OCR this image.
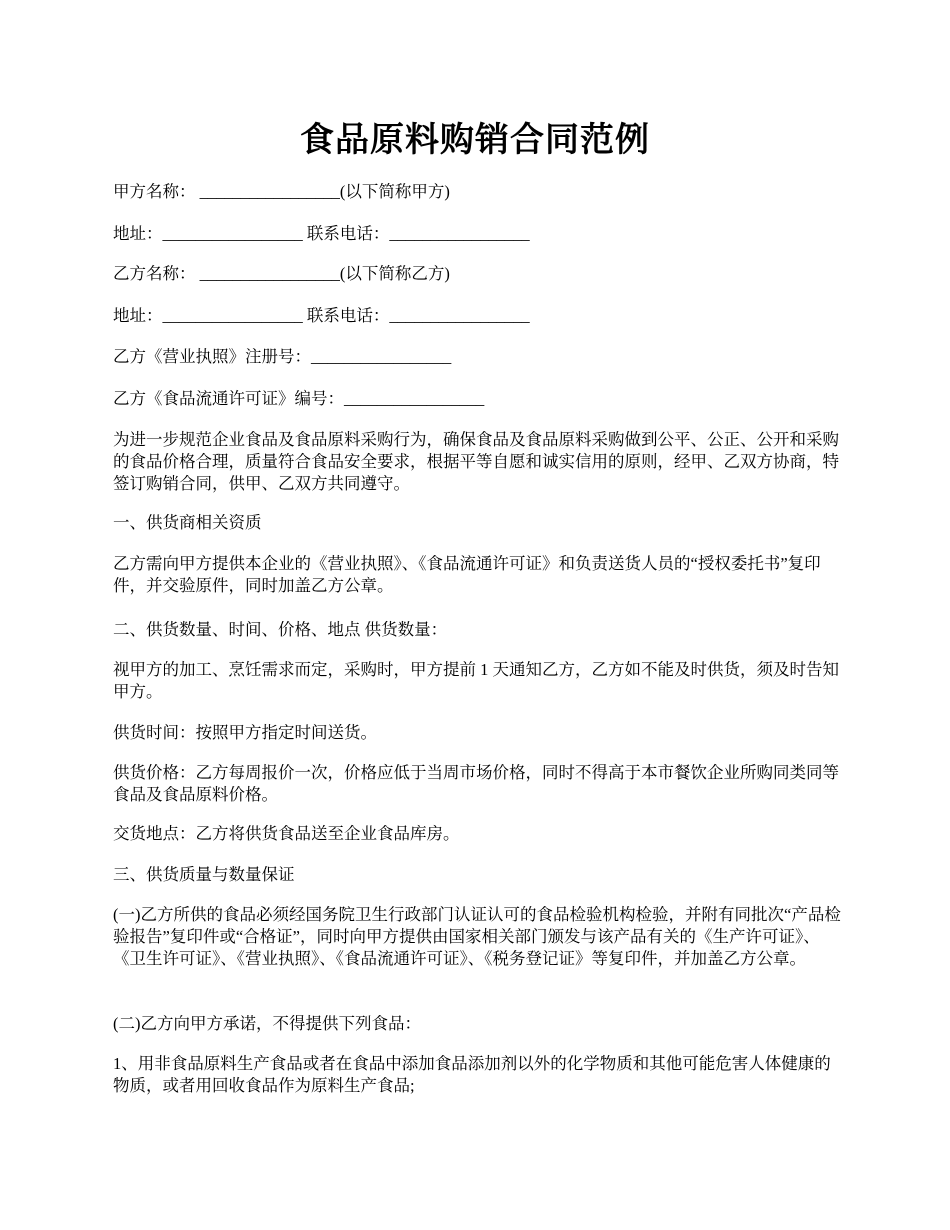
食品原料购销合同范例

甲方名称： _________________(以下简称甲方)

地址：_________________ 联系电话：_________________

乙方名称： _________________(以下简称乙方)

地址：_________________ 联系电话：_________________

乙方《营业执照》注册号：_________________

乙方《食品流通许可证》编号：_________________

为进一步规范企业食品及食品原料采购行为，确保食品及食品原料采购做到公平、公正、公开和采购的食品价格合理，质量符合食品安全要求，根据平等自愿和诚实信用的原则，经甲、乙双方协商，特签订购销合同，供甲、乙双方共同遵守。

一、供货商相关资质

乙方需向甲方提供本企业的《营业执照》、《食品流通许可证》和负责送货人员的“授权委托书”复印件，并交验原件，同时加盖乙方公章。

二、供货数量、时间、价格、地点 供货数量：

视甲方的加工、烹饪需求而定，采购时，甲方提前 1 天通知乙方，乙方如不能及时供货，须及时告知甲方。

供货时间：按照甲方指定时间送货。

供货价格：乙方每周报价一次，价格应低于当周市场价格，同时不得高于本市餐饮企业所购同类同等食品及食品原料价格。

交货地点：乙方将供货食品送至企业食品库房。

三、供货质量与数量保证

(一)乙方所供的食品必须经国务院卫生行政部门认证认可的食品检验机构检验，并附有同批次“产品检验报告”复印件或“合格证”，同时向甲方提供由国家相关部门颁发与该产品有关的《生产许可证》、《卫生许可证》、《营业执照》、《食品流通许可证》、《税务登记证》等复印件，并加盖乙方公章。

(二)乙方向甲方承诺，不得提供下列食品：

1、用非食品原料生产食品或者在食品中添加食品添加剂以外的化学物质和其他可能危害人体健康的物质，或者用回收食品作为原料生产食品;
